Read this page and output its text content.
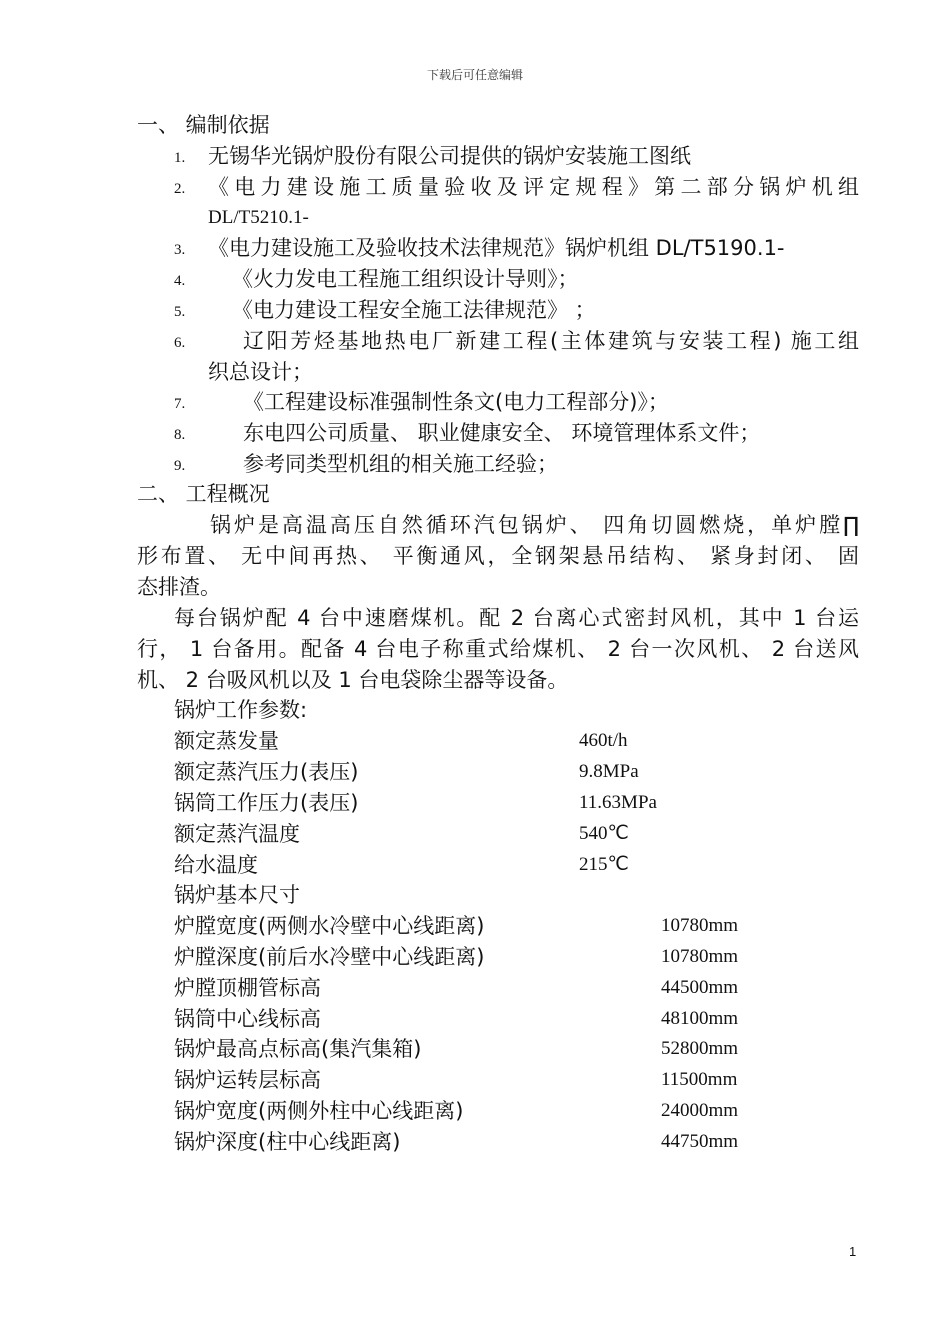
下载后可任意编辑
一、 编制依据
1. 无锡华光锅炉股份有限公司提供的锅炉安装施工图纸
2. 《电力建设施工质量验收及评定规程》第二部分锅炉机组
DL/T5210.1-
3. 《电力建设施工及验收技术法律规范》锅炉机组 DL/T5190.1-
4. 《火力发电工程施工组织设计导则》；
5. 《电力建设工程安全施工法律规范》 ；
6.	辽阳芳烃基地热电厂新建工程(主体建筑与安装工程) 施工组
织总设计；
7.	《工程建设标准强制性条文(电力工程部分)》；
8.	东电四公司质量、 职业健康安全、 环境管理体系文件；
9.	参考同类型机组的相关施工经验；
二、 工程概况
锅炉是高温高压自然循环汽包锅炉、 四角切圆燃烧，单炉膛∏
形布置、 无中间再热、 平衡通风，全钢架悬吊结构、 紧身封闭、 固
态排渣。
每台锅炉配 4 台中速磨煤机。配 2 台离心式密封风机，其中 1 台运
行， 1 台备用。配备 4 台电子称重式给煤机、 2 台一次风机、 2 台送风
机、 2 台吸风机以及 1 台电袋除尘器等设备。
锅炉工作参数:
额定蒸发量	460t/h
额定蒸汽压力(表压)	9.8MPa
锅筒工作压力(表压)	11.63MPa
额定蒸汽温度	540℃
给水温度	215℃
锅炉基本尺寸
炉膛宽度(两侧水冷壁中心线距离)	10780mm
炉膛深度(前后水冷壁中心线距离)	10780mm
炉膛顶棚管标高	44500mm
锅筒中心线标高	48100mm
锅炉最高点标高(集汽集箱)	52800mm
锅炉运转层标高	11500mm
锅炉宽度(两侧外柱中心线距离)	24000mm
锅炉深度(柱中心线距离)	44750mm
1
